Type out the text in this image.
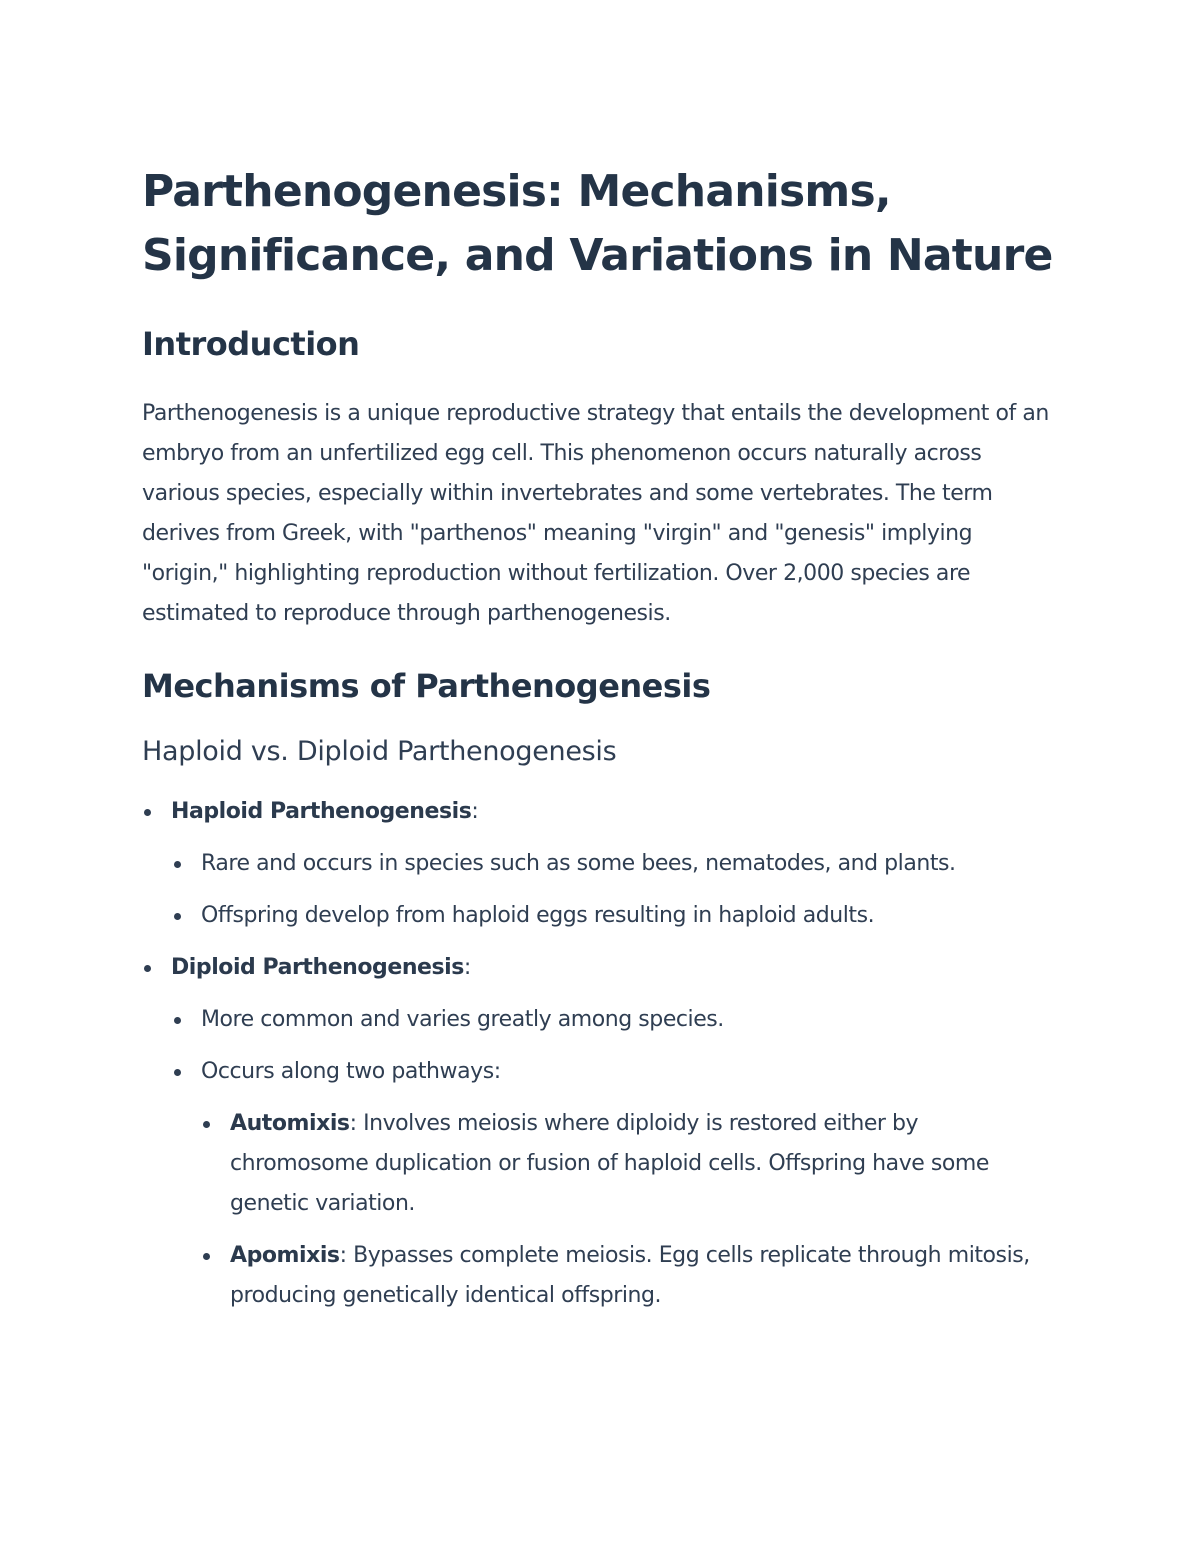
Parthenogenesis: Mechanisms, Significance, and Variations in Nature
Introduction

Parthenogenesis is a unique reproductive strategy that entails the development of an embryo from an unfertilized egg cell. This phenomenon occurs naturally across various species, especially within invertebrates and some vertebrates. The term derives from Greek, with "parthenos" meaning "virgin" and "genesis" implying "origin," highlighting reproduction without fertilization. Over 2,000 species are estimated to reproduce through parthenogenesis.

Mechanisms of Parthenogenesis
Haploid vs. Diploid Parthenogenesis
Haploid Parthenogenesis:
Rare and occurs in species such as some bees, nematodes, and plants.
Offspring develop from haploid eggs resulting in haploid adults.
Diploid Parthenogenesis:
More common and varies greatly among species.
Occurs along two pathways:
Automixis: Involves meiosis where diploidy is restored either by chromosome duplication or fusion of haploid cells. Offspring have some genetic variation.
Apomixis: Bypasses complete meiosis. Egg cells replicate through mitosis, producing genetically identical offspring.
